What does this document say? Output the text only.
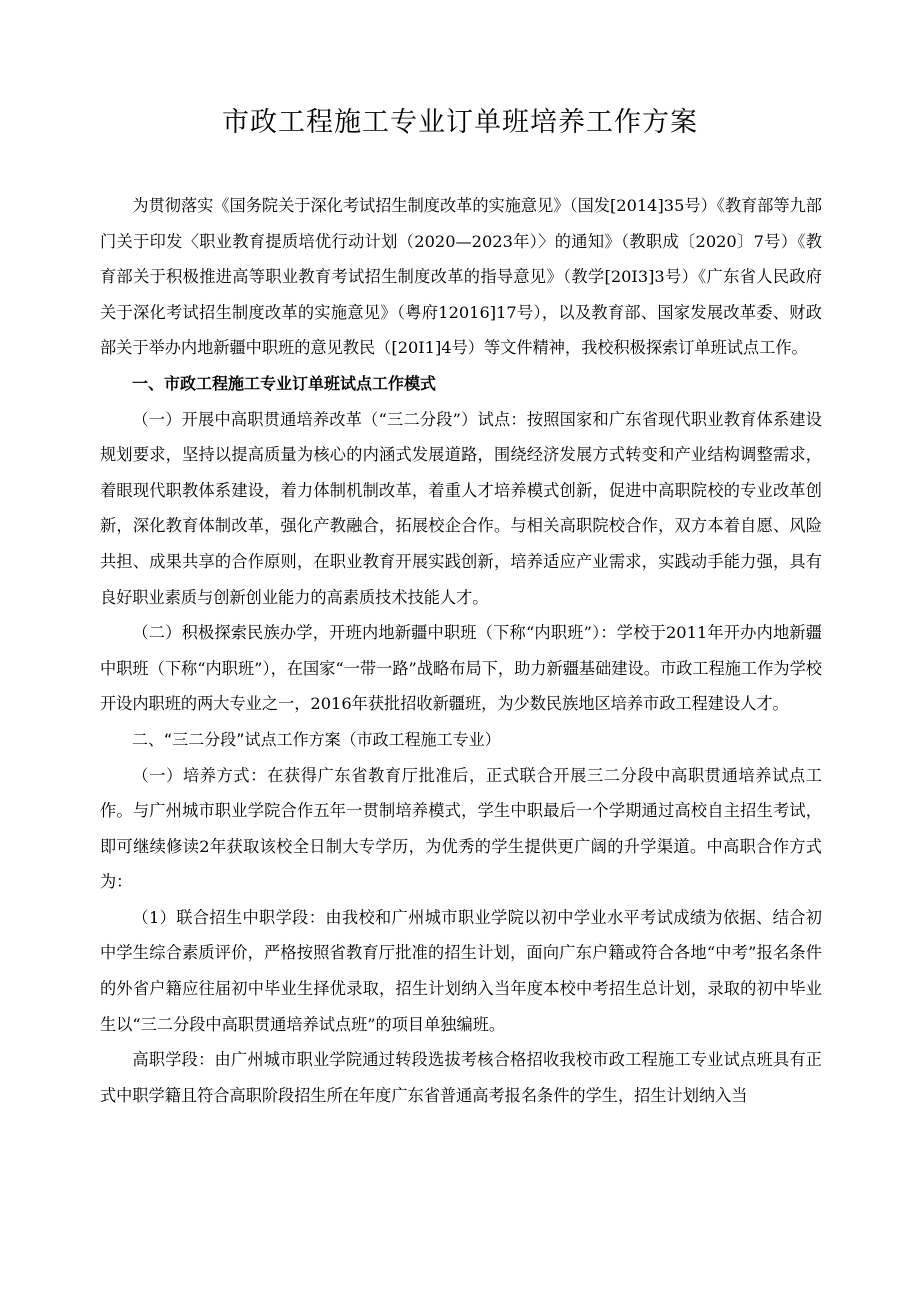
市政工程施工专业订单班培养工作方案

为贯彻落实《国务院关于深化考试招生制度改革的实施意见》（国发[2014]35号）《教育部等九部门关于印发〈职业教育提质培优行动计划（2020—2023年）〉的通知》（教职成〔2020〕7号）《教育部关于积极推进高等职业教育考试招生制度改革的指导意见》（教学[20I3]3号）《广东省人民政府关于深化考试招生制度改革的实施意见》（粤府12016]17号），以及教育部、国家发展改革委、财政部关于举办内地新疆中职班的意见教民（[20I1]4号）等文件精神，我校积极探索订单班试点工作。

一、市政工程施工专业订单班试点工作模式

（一）开展中高职贯通培养改革（“三二分段”）试点：按照国家和广东省现代职业教育体系建设规划要求，坚持以提高质量为核心的内涵式发展道路，围绕经济发展方式转变和产业结构调整需求，着眼现代职教体系建设，着力体制机制改革，着重人才培养模式创新，促进中高职院校的专业改革创新，深化教育体制改革，强化产教融合，拓展校企合作。与相关高职院校合作，双方本着自愿、风险共担、成果共享的合作原则，在职业教育开展实践创新，培养适应产业需求，实践动手能力强，具有良好职业素质与创新创业能力的高素质技术技能人才。

（二）积极探索民族办学，开班内地新疆中职班（下称“内职班”）：学校于2011年开办内地新疆中职班（下称“内职班”），在国家“一带一路”战略布局下，助力新疆基础建设。市政工程施工作为学校开设内职班的两大专业之一，2016年获批招收新疆班，为少数民族地区培养市政工程建设人才。

二、“三二分段”试点工作方案（市政工程施工专业）

（一）培养方式：在获得广东省教育厅批准后，正式联合开展三二分段中高职贯通培养试点工作。与广州城市职业学院合作五年一贯制培养模式，学生中职最后一个学期通过高校自主招生考试，即可继续修读2年获取该校全日制大专学历，为优秀的学生提供更广阔的升学渠道。中高职合作方式为：

（1）联合招生中职学段：由我校和广州城市职业学院以初中学业水平考试成绩为依据、结合初中学生综合素质评价，严格按照省教育厅批准的招生计划，面向广东户籍或符合各地“中考”报名条件的外省户籍应往届初中毕业生择优录取，招生计划纳入当年度本校中考招生总计划，录取的初中毕业生以“三二分段中高职贯通培养试点班”的项目单独编班。

高职学段：由广州城市职业学院通过转段选拔考核合格招收我校市政工程施工专业试点班具有正式中职学籍且符合高职阶段招生所在年度广东省普通高考报名条件的学生，招生计划纳入当
